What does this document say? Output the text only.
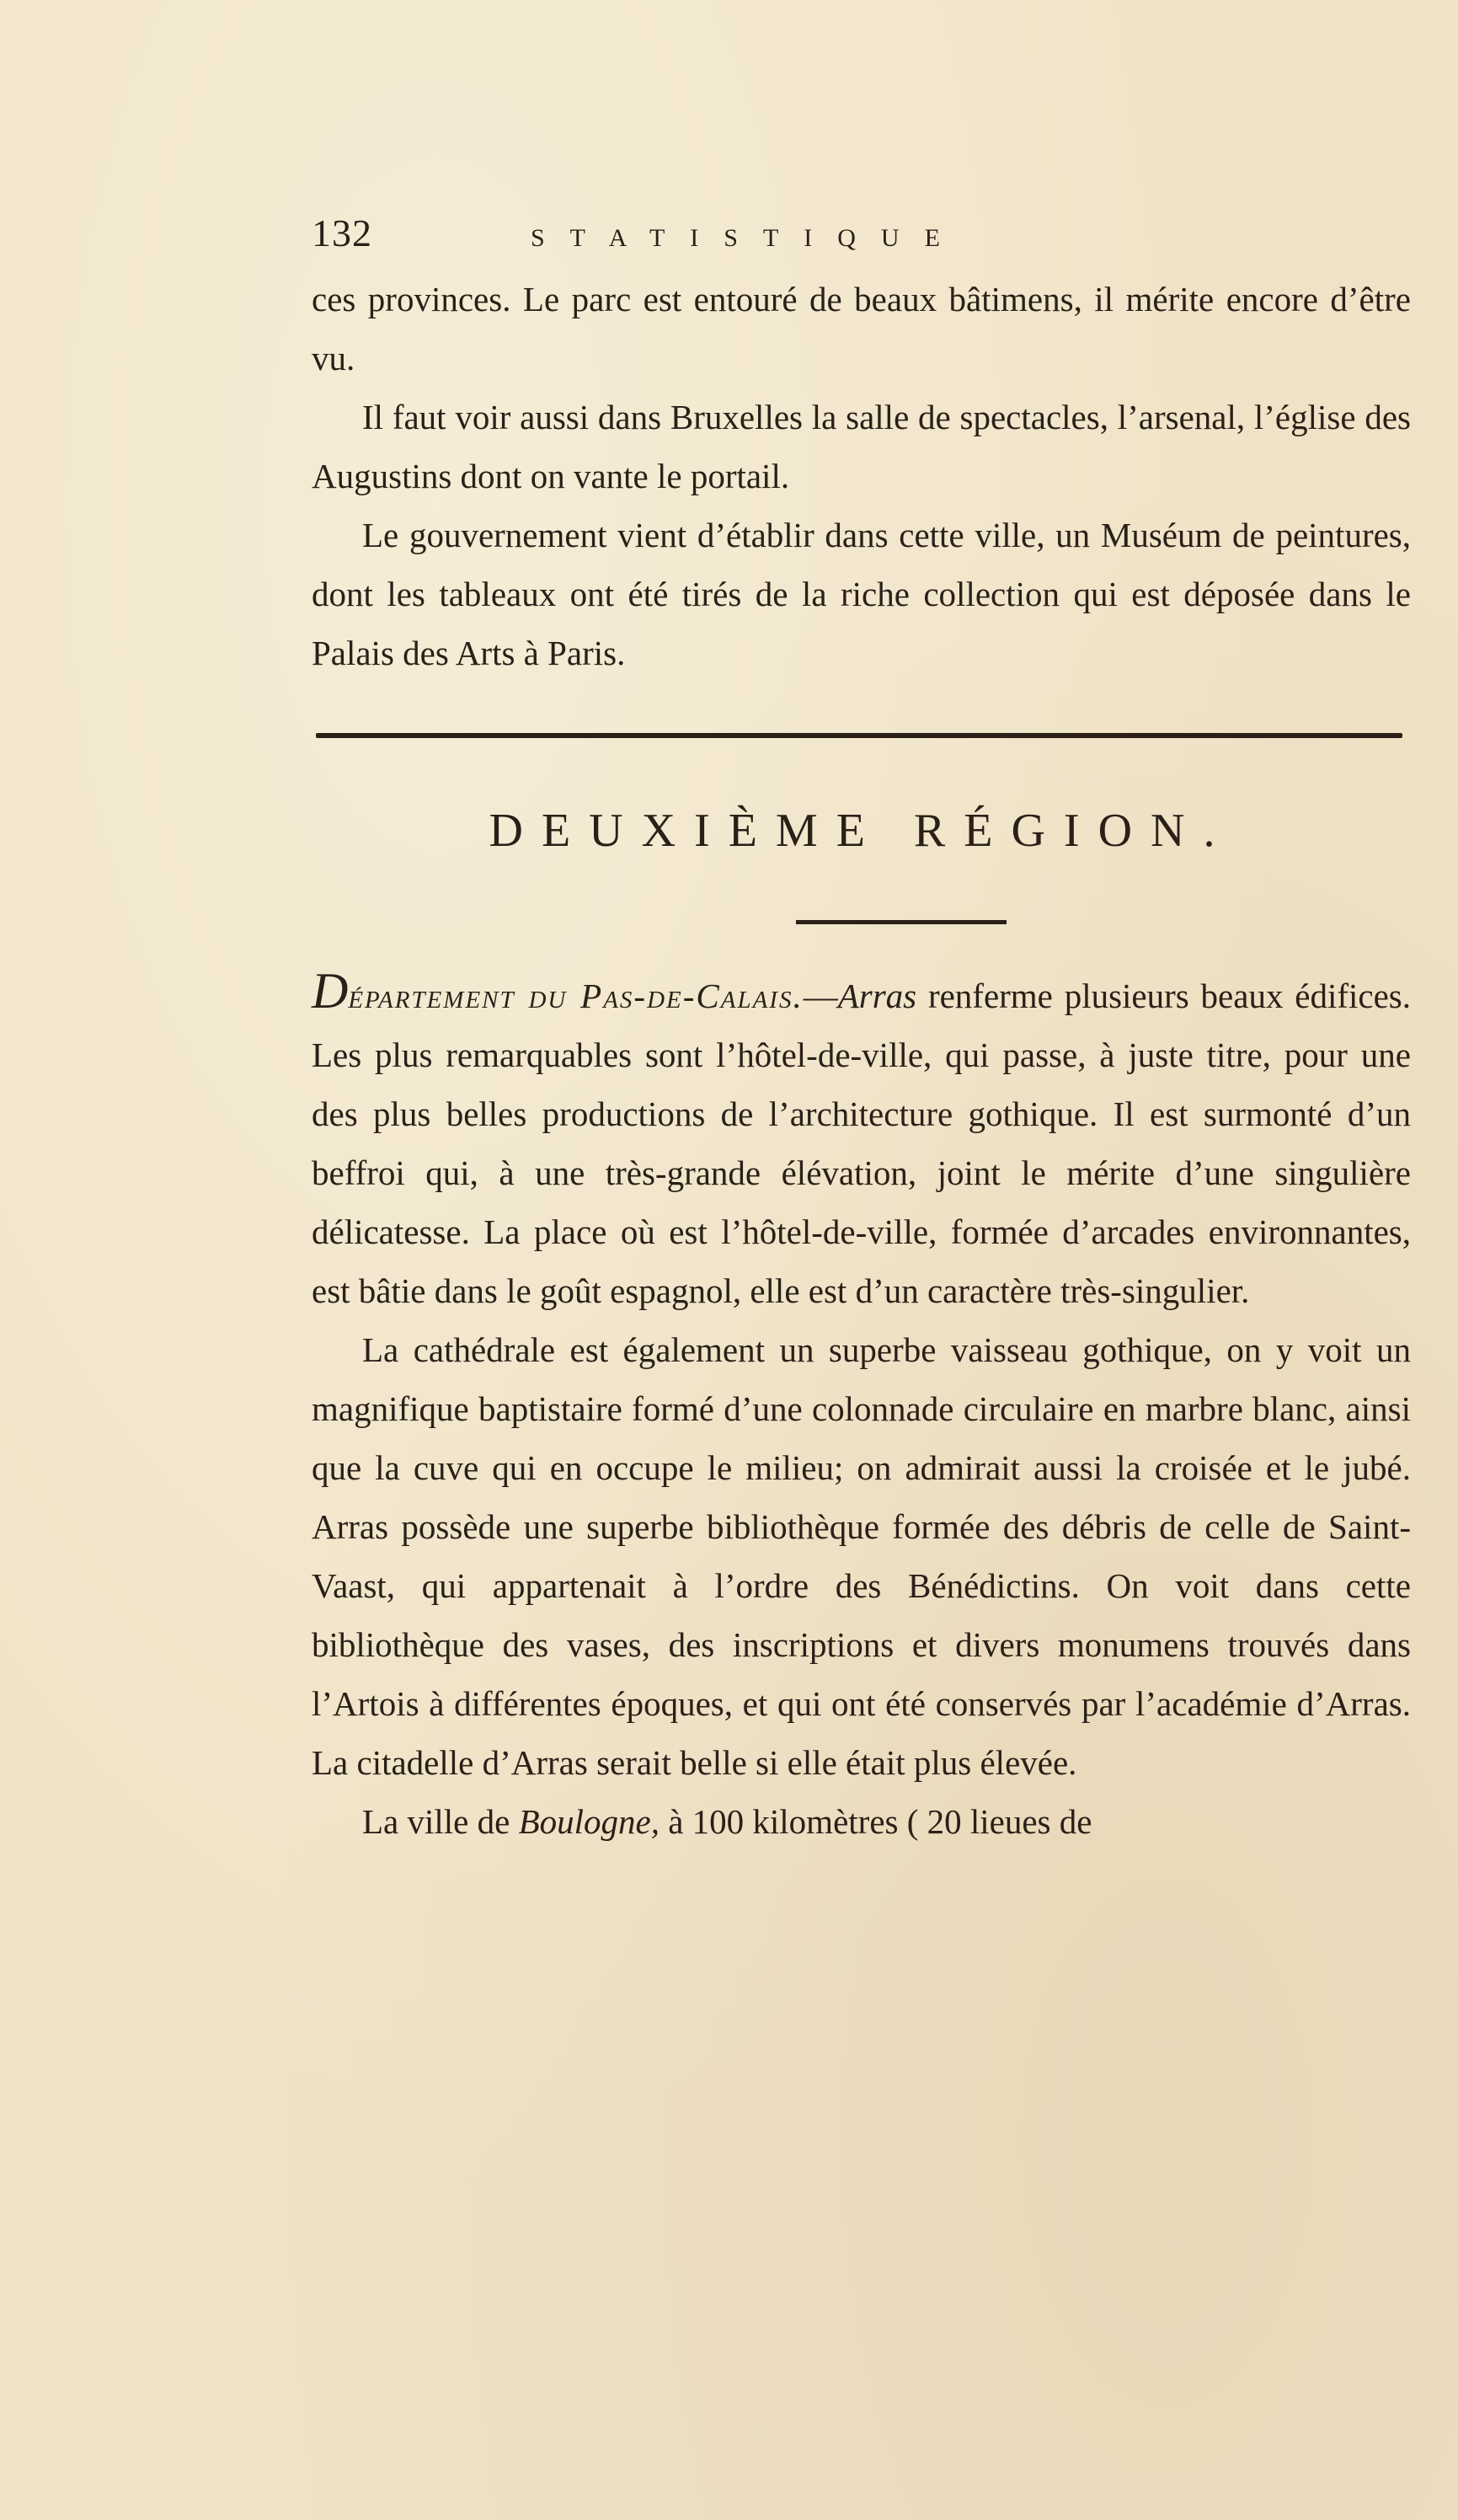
132	STATISTIQUE

ces provinces. Le parc est entouré de beaux bâtimens, il mérite encore d’être vu.

Il faut voir aussi dans Bruxelles la salle de spectacles, l’arsenal, l’église des Augustins dont on vante le portail.

Le gouvernement vient d’établir dans cette ville, un Muséum de peintures, dont les tableaux ont été tirés de la riche collection qui est déposée dans le Palais des Arts à Paris.

DEUXIÈME RÉGION.

Département du Pas-de-Calais.—Arras renferme plusieurs beaux édifices. Les plus remarquables sont l’hôtel-de-ville, qui passe, à juste titre, pour une des plus belles productions de l’architecture gothique. Il est surmonté d’un beffroi qui, à une très-grande élévation, joint le mérite d’une singulière délicatesse. La place où est l’hôtel-de-ville, formée d’arcades environnantes, est bâtie dans le goût espagnol, elle est d’un caractère très-singulier.

La cathédrale est également un superbe vaisseau gothique, on y voit un magnifique baptistaire formé d’une colonnade circulaire en marbre blanc, ainsi que la cuve qui en occupe le milieu; on admirait aussi la croisée et le jubé. Arras possède une superbe bibliothèque formée des débris de celle de Saint-Vaast, qui appartenait à l’ordre des Bénédictins. On voit dans cette bibliothèque des vases, des inscriptions et divers monumens trouvés dans l’Artois à différentes époques, et qui ont été conservés par l’académie d’Arras. La citadelle d’Arras serait belle si elle était plus élevée.

La ville de Boulogne, à 100 kilomètres ( 20 lieues de
